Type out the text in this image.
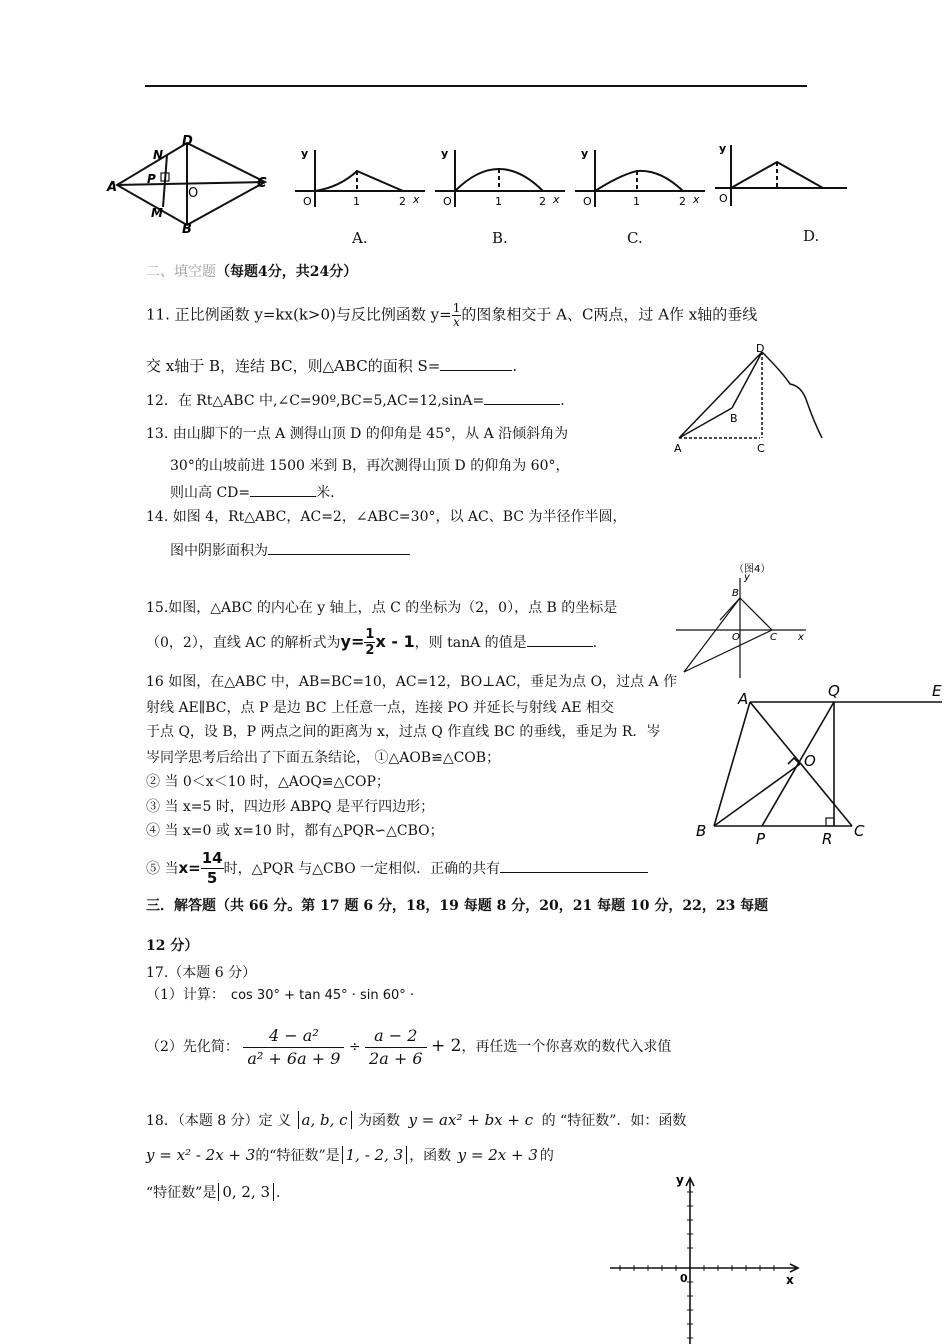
A
D
N
P
O
M
B
C
y
O	1	2 x
y
O	1	2 x
y
O	1	2 x
y
O
A.	B.	C.	D.
二、填空题（每题4分，共24分）
11. 正比例函数 y=kx(k>0)与反比例函数 $y= \frac{1}{x}$ 的图象相交于 A、C两点，过 A作 x轴的垂线
交 x轴于 B，连结 BC，则△ABC的面积 S=	.
12．在 Rt△ABC 中,∠C=90º,BC=5,AC=12,sinA=	.
D
B
A	C
13. 由山脚下的一点 A 测得山顶 D 的仰角是 45°，从 A 沿倾斜角为
30°的山坡前进 1500 米到 B，再次测得山顶 D 的仰角为 60°，
则山高 CD=	米.
14. 如图 4，Rt△ABC，AC=2，∠ABC=30°，以 AC、BC 为半径作半圆，
图中阴影面积为
（图4）
y
B
O	C x
15.如图，△ABC 的内心在 y 轴上，点 C 的坐标为（2，0），点 B 的坐标是
（0，2），直线 AC 的解析式为$y= \frac{1}{2}$ x - 1，则 tanA 的值是	.
A	Q	E
O
B	P	R C
16 如图，在△ABC 中，AB=BC=10，AC=12，BO⊥AC，垂足为点 O，过点 A 作
射线 AE∥BC，点 P 是边 BC 上任意一点，连接 PO 并延长与射线 AE 相交
于点 Q，设 B，P 两点之间的距离为 x，过点 Q 作直线 BC 的垂线，垂足为 R．岑
岑同学思考后给出了下面五条结论， ①△AOB≌△COB；
② 当 0＜x＜10 时，△AOQ≌△COP；
③ 当 x=5 时，四边形 ABPQ 是平行四边形；
④ 当 x=0 或 x=10 时，都有△PQR∽△CBO；
⑤ 当$x= \frac{14}{5}$ 时，△PQR 与△CBO 一定相似．正确的共有
三．解答题（共 66 分。第 17 题 6 分，18，19 每题 8 分，20，21 每题 10 分，22，23 每题
12 分）
17.（本题 6 分）
（1）计算： cos 30° + tan 45° · sin 60° ·
（2）先化简： $\frac{\text{4 − a²}}{\text{a² + 6a + 9}} \div \frac{a - 2}{2a + 6} + 2$，再任选一个你喜欢的数代入求值
18．（本题 8 分）定 义 a, b, c 为函数 y = ax² + bx + c 的 “特征数”．如：函数
y = x² - 2x + 3的“特征数”是 1, - 2, 3 ，函数 y = 2x + 3 的
“特征数”是 0, 2, 3 .
y
0	x
